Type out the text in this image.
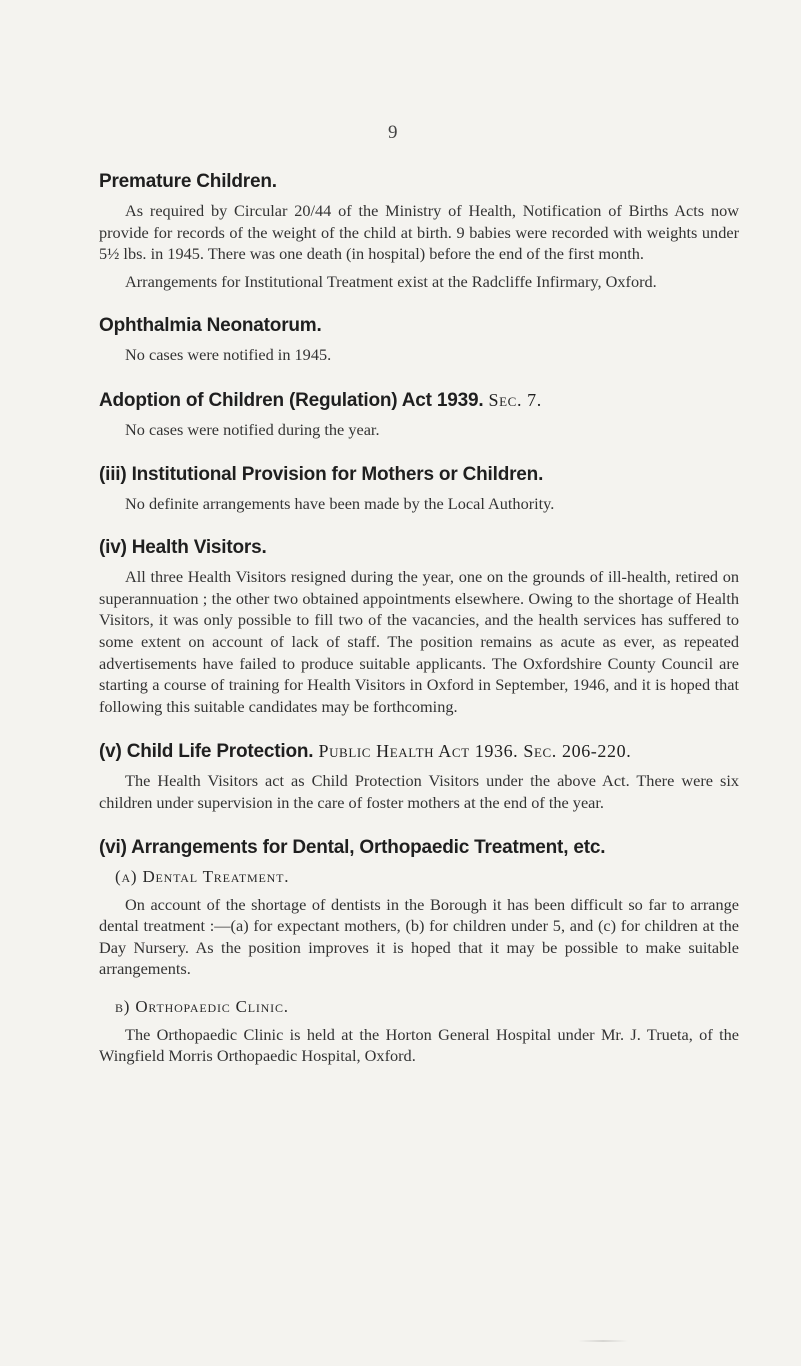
9
Premature Children.

As required by Circular 20/44 of the Ministry of Health, Notification of Births Acts now provide for records of the weight of the child at birth. 9 babies were recorded with weights under 5½ lbs. in 1945. There was one death (in hospital) before the end of the first month.

Arrangements for Institutional Treatment exist at the Radcliffe Infirmary, Oxford.

Ophthalmia Neonatorum.

No cases were notified in 1945.

Adoption of Children (Regulation) Act 1939. Sec. 7.

No cases were notified during the year.

(iii) Institutional Provision for Mothers or Children.

No definite arrangements have been made by the Local Authority.

(iv) Health Visitors.

All three Health Visitors resigned during the year, one on the grounds of ill-health, retired on superannuation ; the other two obtained appointments elsewhere. Owing to the shortage of Health Visitors, it was only possible to fill two of the vacancies, and the health services has suffered to some extent on account of lack of staff. The position remains as acute as ever, as repeated advertisements have failed to produce suitable applicants. The Oxfordshire County Council are starting a course of training for Health Visitors in Oxford in September, 1946, and it is hoped that following this suitable candidates may be forthcoming.

(v) Child Life Protection. Public Health Act 1936. Sec. 206-220.

The Health Visitors act as Child Protection Visitors under the above Act. There were six children under supervision in the care of foster mothers at the end of the year.

(vi) Arrangements for Dental, Orthopaedic Treatment, etc.
(a) Dental Treatment.

On account of the shortage of dentists in the Borough it has been difficult so far to arrange dental treatment :—(a) for expectant mothers, (b) for children under 5, and (c) for children at the Day Nursery. As the position improves it is hoped that it may be possible to make suitable arrangements.

b) Orthopaedic Clinic.

The Orthopaedic Clinic is held at the Horton General Hospital under Mr. J. Trueta, of the Wingfield Morris Orthopaedic Hospital, Oxford.
